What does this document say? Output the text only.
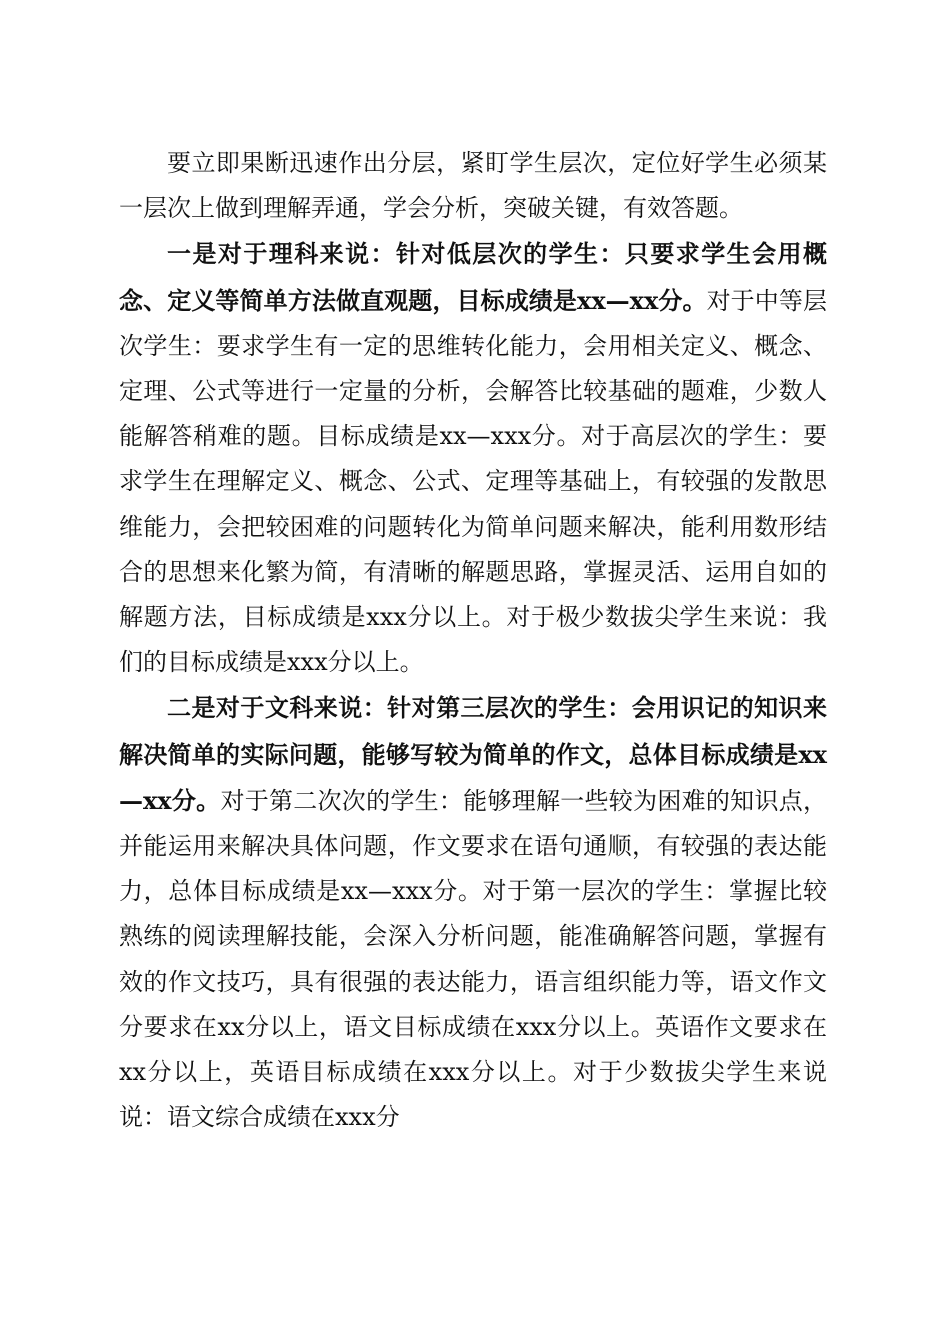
要立即果断迅速作出分层，紧盯学生层次，定位好学生必须某一层次上做到理解弄通，学会分析，突破关键，有效答题。

一是对于理科来说：针对低层次的学生：只要求学生会用概念、定义等简单方法做直观题，目标成绩是xx—xx分。对于中等层次学生：要求学生有一定的思维转化能力，会用相关定义、概念、定理、公式等进行一定量的分析，会解答比较基础的题难，少数人能解答稍难的题。目标成绩是xx—xxx分。对于高层次的学生：要求学生在理解定义、概念、公式、定理等基础上，有较强的发散思维能力，会把较困难的问题转化为简单问题来解决，能利用数形结合的思想来化繁为简，有清晰的解题思路，掌握灵活、运用自如的解题方法，目标成绩是xxx分以上。对于极少数拔尖学生来说：我们的目标成绩是xxx分以上。

二是对于文科来说：针对第三层次的学生：会用识记的知识来解决简单的实际问题，能够写较为简单的作文，总体目标成绩是xx—xx分。对于第二次次的学生：能够理解一些较为困难的知识点，并能运用来解决具体问题，作文要求在语句通顺，有较强的表达能力，总体目标成绩是xx—xxx分。对于第一层次的学生：掌握比较熟练的阅读理解技能，会深入分析问题，能准确解答问题，掌握有效的作文技巧，具有很强的表达能力，语言组织能力等，语文作文分要求在xx分以上，语文目标成绩在xxx分以上。英语作文要求在xx分以上，英语目标成绩在xxx分以上。对于少数拔尖学生来说说：语文综合成绩在xxx分
